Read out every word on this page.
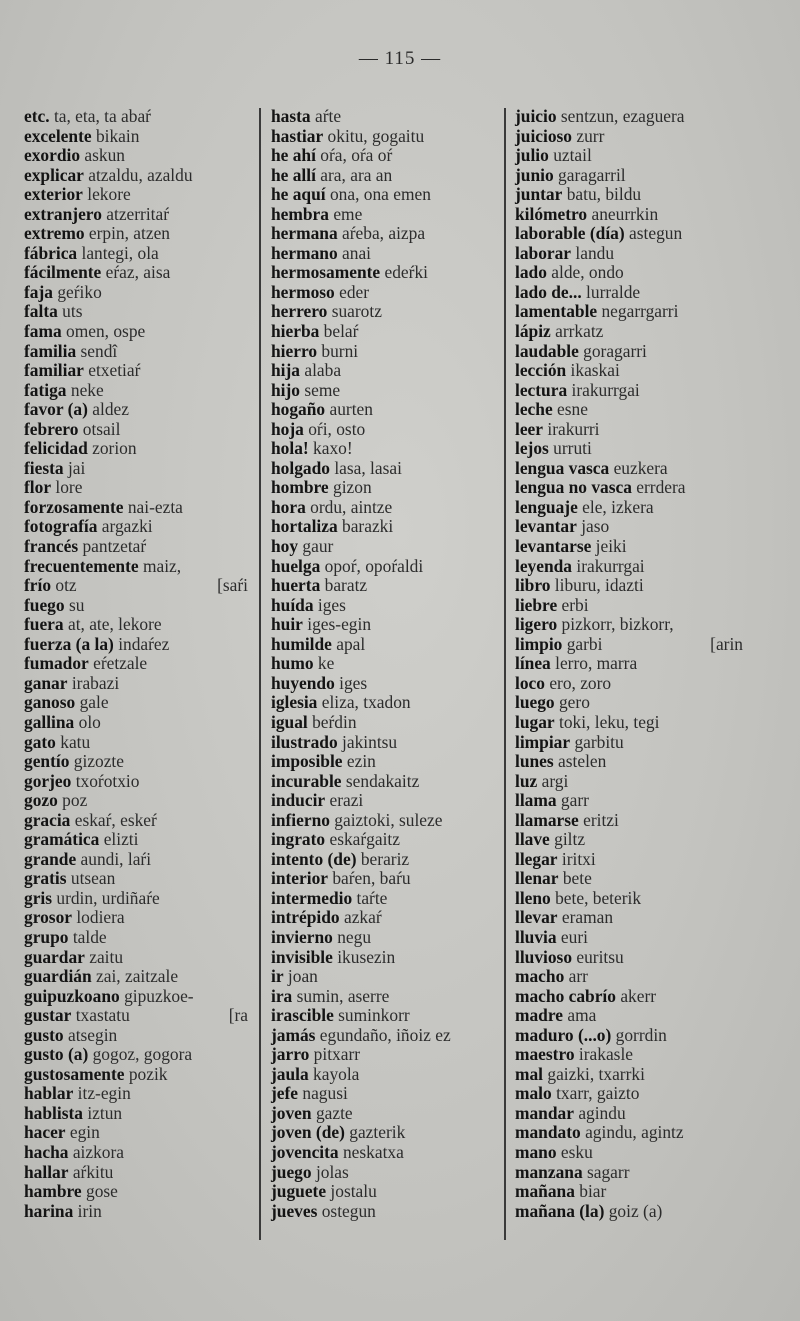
— 115 —
etc. ta, eta, ta abaŕ
excelente bikain
exordio askun
explicar atzaldu, azaldu
exterior lekore
extranjero atzerritaŕ
extremo erpin, atzen
fábrica lantegi, ola
fácilmente eŕaz, aisa
faja geŕiko
falta uts
fama omen, ospe
familia sendî
familiar etxetiaŕ
fatiga neke
favor (a) aldez
febrero otsail
felicidad zorion
fiesta jai
flor lore
forzosamente nai-ezta
fotografía argazki
francés pantzetaŕ
frecuentemente maiz,
frío otz	[saŕi
fuego su
fuera at, ate, lekore
fuerza (a la) indaŕez
fumador eŕetzale
ganar irabazi
ganoso gale
gallina olo
gato katu
gentío gizozte
gorjeo txoŕotxio
gozo poz
gracia eskaŕ, eskeŕ
gramática elizti
grande aundi, laŕi
gratis utsean
gris urdin, urdiñaŕe
grosor lodiera
grupo talde
guardar zaitu
guardián zai, zaitzale
guipuzkoano gipuzkoe-
gustar txastatu	[ra
gusto atsegin
gusto (a) gogoz, gogora
gustosamente pozik
hablar itz-egin
hablista iztun
hacer egin
hacha aizkora
hallar aŕkitu
hambre gose
harina irin
hasta aŕte
hastiar okitu, gogaitu
he ahí oŕa, oŕa oŕ
he allí ara, ara an
he aquí ona, ona emen
hembra eme
hermana aŕeba, aizpa
hermano anai
hermosamente edeŕki
hermoso eder
herrero suarotz
hierba belaŕ
hierro burni
hija alaba
hijo seme
hogaño aurten
hoja oŕi, osto
hola! kaxo!
holgado lasa, lasai
hombre gizon
hora ordu, aintze
hortaliza barazki
hoy gaur
huelga opoŕ, opoŕaldi
huerta baratz
huída iges
huir iges-egin
humilde apal
humo ke
huyendo iges
iglesia eliza, txadon
igual beŕdin
ilustrado jakintsu
imposible ezin
incurable sendakaitz
inducir erazi
infierno gaiztoki, suleze
ingrato eskaŕgaitz
intento (de) berariz
interior baŕen, baŕu
intermedio taŕte
intrépido azkaŕ
invierno negu
invisible ikusezin
ir joan
ira sumin, aserre
irascible suminkorr
jamás egundaño, iñoiz ez
jarro pitxarr
jaula kayola
jefe nagusi
joven gazte
joven (de) gazterik
jovencita neskatxa
juego jolas
juguete jostalu
jueves ostegun
juicio sentzun, ezaguera
juicioso zurr
julio uztail
junio garagarril
juntar batu, bildu
kilómetro aneurrkin
laborable (día) astegun
laborar landu
lado alde, ondo
lado de... lurralde
lamentable negarrgarri
lápiz arrkatz
laudable goragarri
lección ikaskai
lectura irakurrgai
leche esne
leer irakurri
lejos urruti
lengua vasca euzkera
lengua no vasca errdera
lenguaje ele, izkera
levantar jaso
levantarse jeiki
leyenda irakurrgai
libro liburu, idazti
liebre erbi
ligero pizkorr, bizkorr,
limpio garbi	[arin
línea lerro, marra
loco ero, zoro
luego gero
lugar toki, leku, tegi
limpiar garbitu
lunes astelen
luz argi
llama garr
llamarse eritzi
llave giltz
llegar iritxi
llenar bete
lleno bete, beterik
llevar eraman
lluvia euri
lluvioso euritsu
macho arr
macho cabrío akerr
madre ama
maduro (...o) gorrdin
maestro irakasle
mal gaizki, txarrki
malo txarr, gaizto
mandar agindu
mandato agindu, agintz
mano esku
manzana sagarr
mañana biar
mañana (la) goiz (a)
